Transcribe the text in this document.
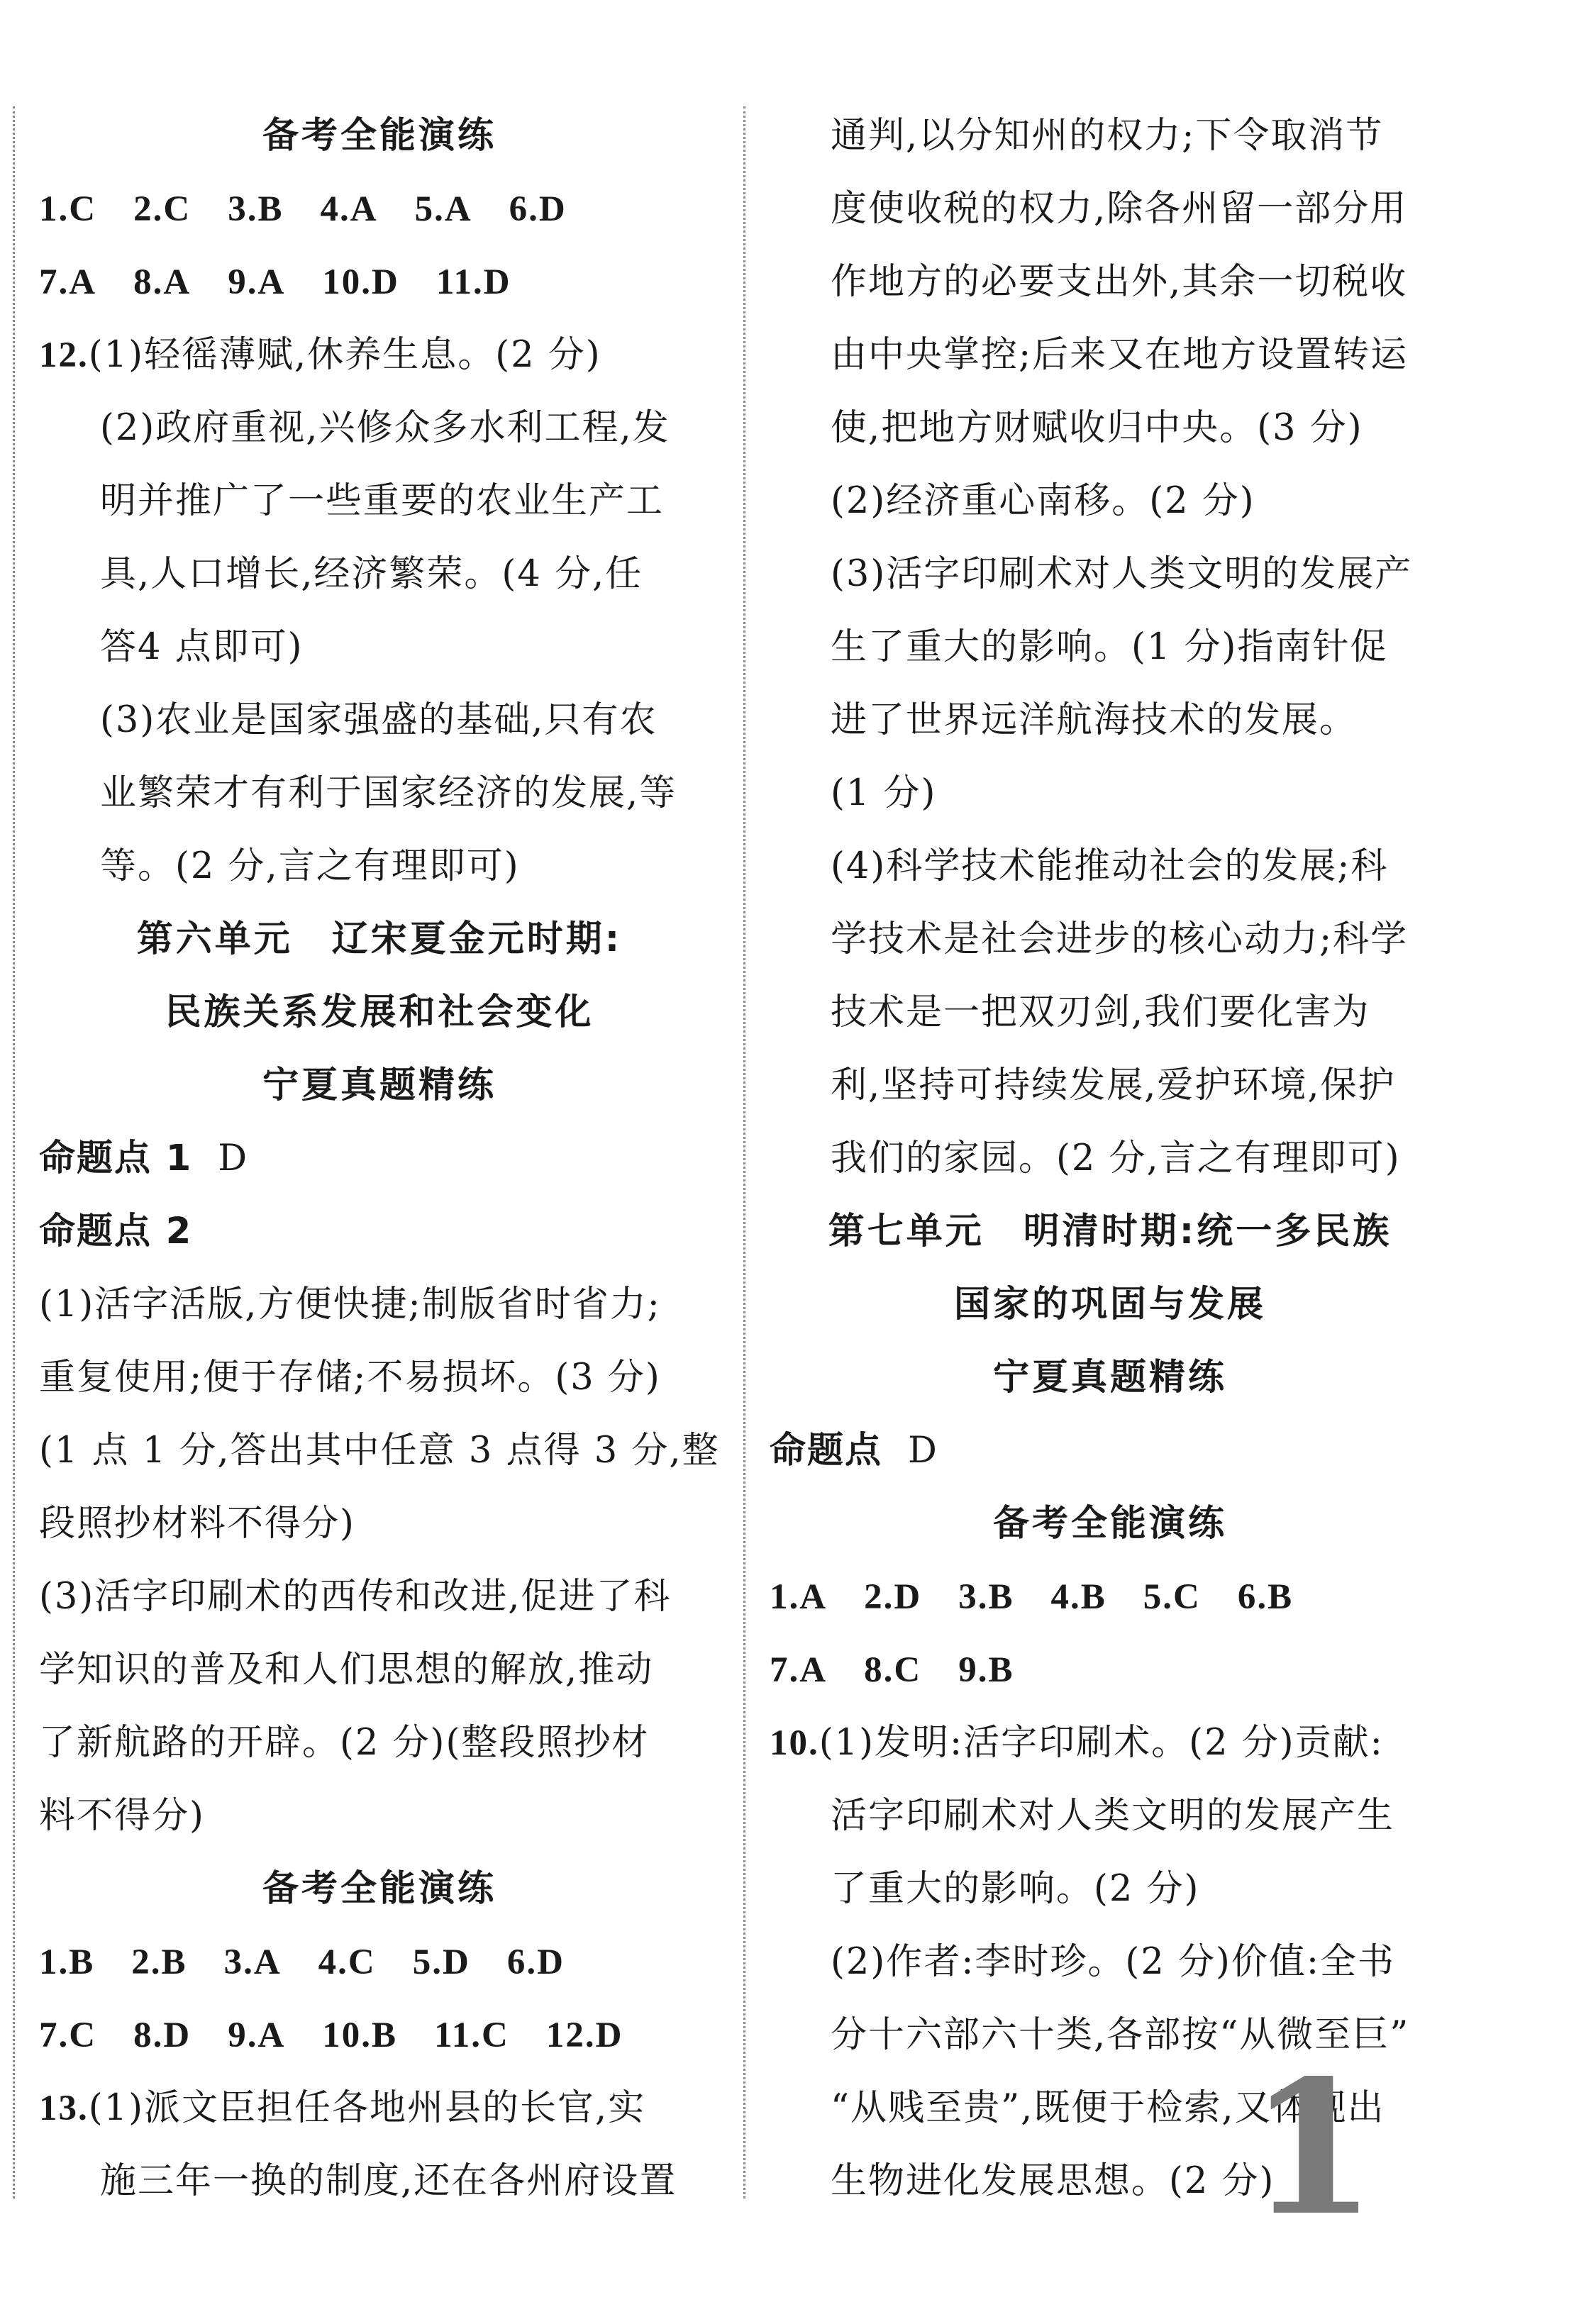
备考全能演练
1.C 2.C 3.B 4.A 5.A 6.D
7.A 8.A 9.A 10.D 11.D
12.(1)轻徭薄赋,休养生息。(2 分)
(2)政府重视,兴修众多水利工程,发
明并推广了一些重要的农业生产工
具,人口增长,经济繁荣。(4 分,任
答4 点即可)
(3)农业是国家强盛的基础,只有农
业繁荣才有利于国家经济的发展,等
等。(2 分,言之有理即可)
第六单元　辽宋夏金元时期:
民族关系发展和社会变化
宁夏真题精练
命题点 1 D
命题点 2
(1)活字活版,方便快捷;制版省时省力;
重复使用;便于存储;不易损坏。(3 分)
(1 点 1 分,答出其中任意 3 点得 3 分,整
段照抄材料不得分)
(3)活字印刷术的西传和改进,促进了科
学知识的普及和人们思想的解放,推动
了新航路的开辟。(2 分)(整段照抄材
料不得分)
备考全能演练
1.B 2.B 3.A 4.C 5.D 6.D
7.C 8.D 9.A 10.B 11.C 12.D
13.(1)派文臣担任各地州县的长官,实
施三年一换的制度,还在各州府设置
通判,以分知州的权力;下令取消节
度使收税的权力,除各州留一部分用
作地方的必要支出外,其余一切税收
由中央掌控;后来又在地方设置转运
使,把地方财赋收归中央。(3 分)
(2)经济重心南移。(2 分)
(3)活字印刷术对人类文明的发展产
生了重大的影响。(1 分)指南针促
进了世界远洋航海技术的发展。
(1 分)
(4)科学技术能推动社会的发展;科
学技术是社会进步的核心动力;科学
技术是一把双刃剑,我们要化害为
利,坚持可持续发展,爱护环境,保护
我们的家园。(2 分,言之有理即可)
第七单元　明清时期:统一多民族
国家的巩固与发展
宁夏真题精练
命题点 D
备考全能演练
1.A 2.D 3.B 4.B 5.C 6.B
7.A 8.C 9.B
10.(1)发明:活字印刷术。(2 分)贡献:
活字印刷术对人类文明的发展产生
了重大的影响。(2 分)
(2)作者:李时珍。(2 分)价值:全书
分十六部六十类,各部按“从微至巨”
“从贱至贵”,既便于检索,又体现出
生物进化发展思想。(2 分)
1
